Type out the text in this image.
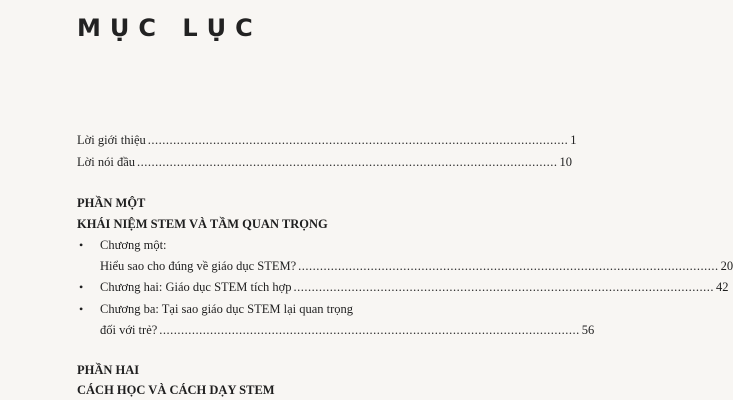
MỤC LỤC
Lời giới thiệu .................................................................................................................... 1
Lời nói đầu .................................................................................................................... 10
PHẦN MỘT
KHÁI NIỆM STEM VÀ TẦM QUAN TRỌNG
• Chương một:
Hiểu sao cho đúng về giáo dục STEM? .................................................................................................................... 20
• Chương hai: Giáo dục STEM tích hợp .................................................................................................................... 42
• Chương ba: Tại sao giáo dục STEM lại quan trọng
đối với trẻ? .................................................................................................................... 56
PHẦN HAI
CÁCH HỌC VÀ CÁCH DẠY STEM
